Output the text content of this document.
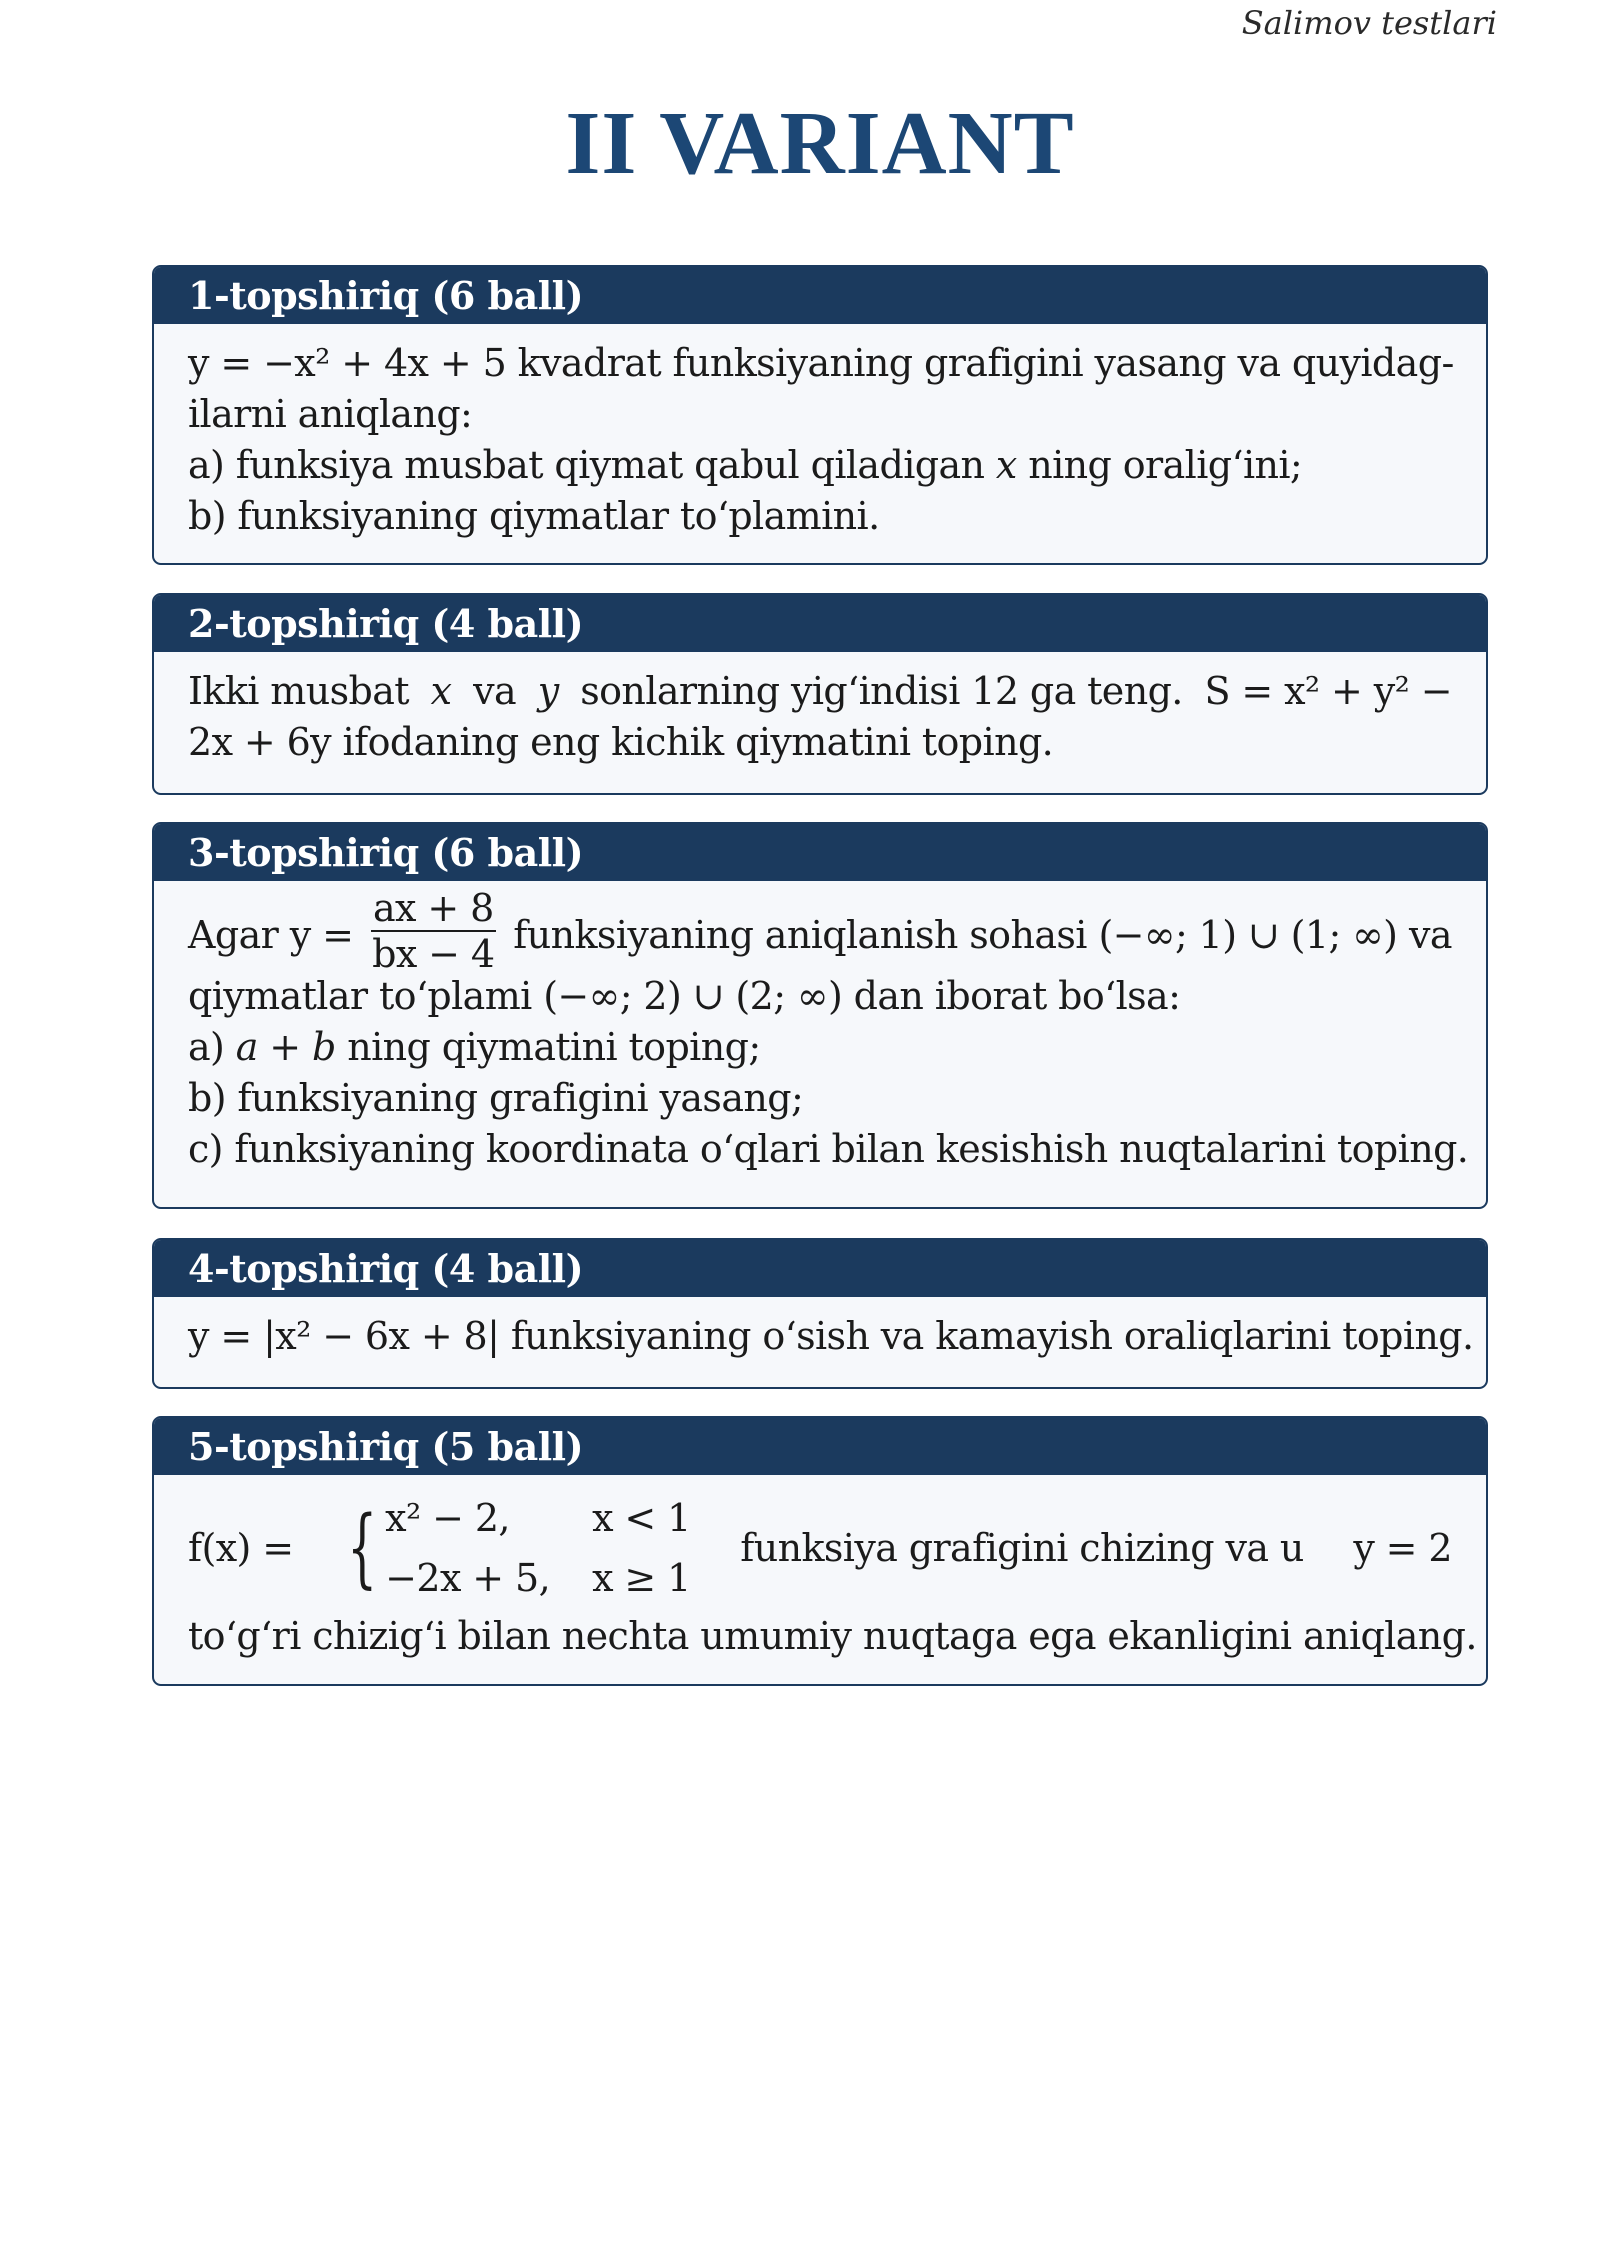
Salimov testlari
II VARIANT
1-topshiriq (6 ball)
y = −x² + 4x + 5 kvadrat funksiyaning grafigini yasang va quyidag-
ilarni aniqlang:
a) funksiya musbat qiymat qabul qiladigan x ning oralig‘ini;
b) funksiyaning qiymatlar to‘plamini.
2-topshiriq (4 ball)
Ikki musbat x va y sonlarning yig‘indisi 12 ga teng. S = x² + y² −
2x + 6y ifodaning eng kichik qiymatini toping.
3-topshiriq (6 ball)
Agar $y = \frac{ax + 8}{bx - 4}$ funksiyaning aniqlanish sohasi (−∞; 1) ∪ (1; ∞) va
qiymatlar to‘plami (−∞; 2) ∪ (2; ∞) dan iborat bo‘lsa:
a) a + b ning qiymatini toping;
b) funksiyaning grafigini yasang;
c) funksiyaning koordinata o‘qlari bilan kesishish nuqtalarini toping.
4-topshiriq (4 ball)
y = |x² − 6x + 8| funksiyaning o‘sish va kamayish oraliqlarini toping.
5-topshiriq (5 ball)
f(x) = { x² − 2,	x < 1
−2x + 5, x ≥ 1
funksiya grafigini chizing va u y = 2
to‘g‘ri chizig‘i bilan nechta umumiy nuqtaga ega ekanligini aniqlang.
